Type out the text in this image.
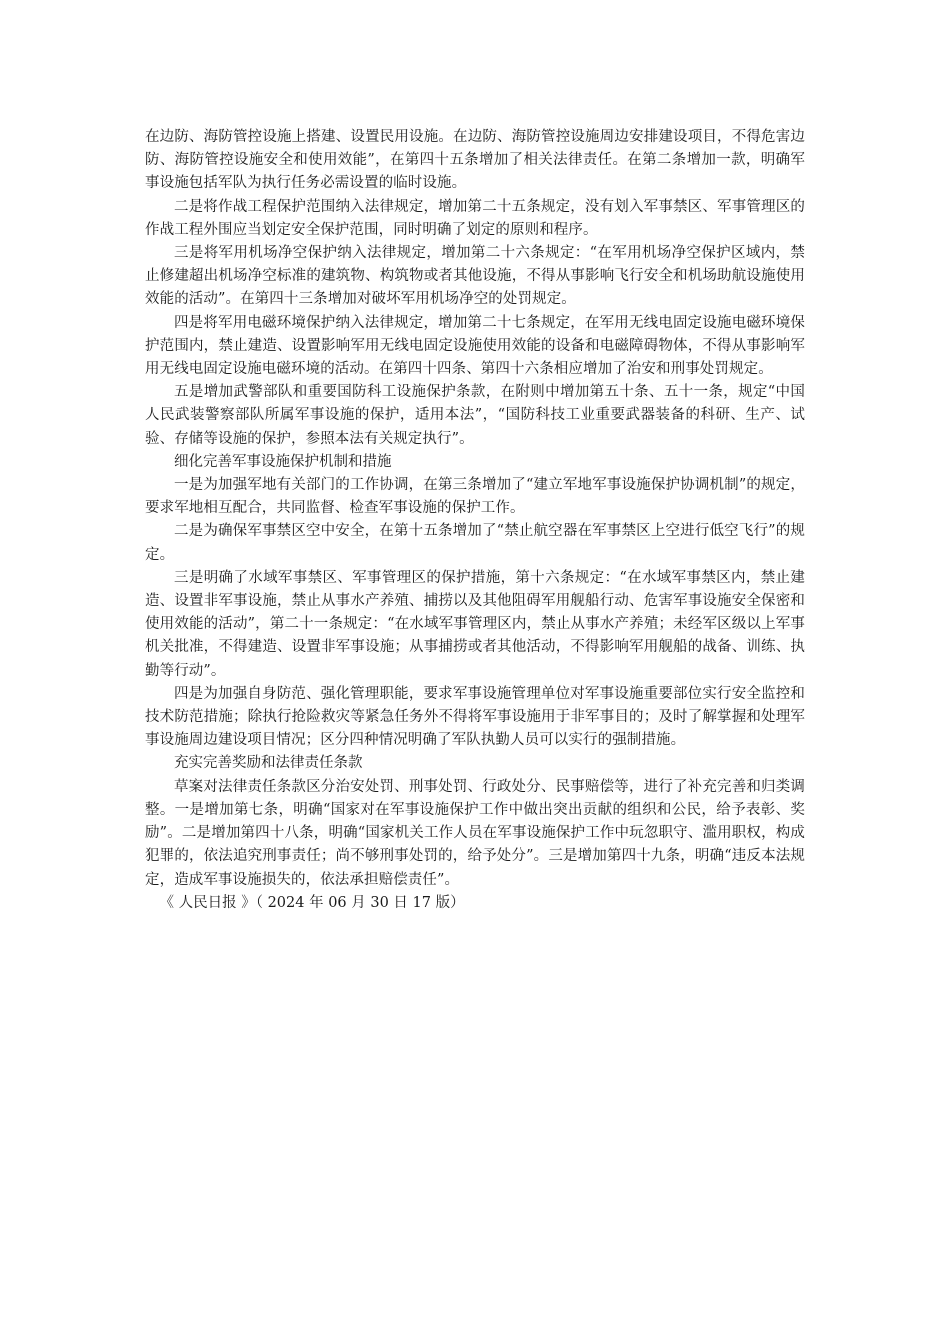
在边防、海防管控设施上搭建、设置民用设施。在边防、海防管控设施周边安排建设项目，不得危害边防、海防管控设施安全和使用效能”，在第四十五条增加了相关法律责任。在第二条增加一款，明确军事设施包括军队为执行任务必需设置的临时设施。

二是将作战工程保护范围纳入法律规定，增加第二十五条规定，没有划入军事禁区、军事管理区的作战工程外围应当划定安全保护范围，同时明确了划定的原则和程序。

三是将军用机场净空保护纳入法律规定，增加第二十六条规定：“在军用机场净空保护区域内，禁止修建超出机场净空标准的建筑物、构筑物或者其他设施，不得从事影响飞行安全和机场助航设施使用效能的活动”。在第四十三条增加对破坏军用机场净空的处罚规定。

四是将军用电磁环境保护纳入法律规定，增加第二十七条规定，在军用无线电固定设施电磁环境保护范围内，禁止建造、设置影响军用无线电固定设施使用效能的设备和电磁障碍物体，不得从事影响军用无线电固定设施电磁环境的活动。在第四十四条、第四十六条相应增加了治安和刑事处罚规定。

五是增加武警部队和重要国防科工设施保护条款，在附则中增加第五十条、五十一条，规定“中国人民武装警察部队所属军事设施的保护，适用本法”，“国防科技工业重要武器装备的科研、生产、试验、存储等设施的保护，参照本法有关规定执行”。

细化完善军事设施保护机制和措施

一是为加强军地有关部门的工作协调，在第三条增加了“建立军地军事设施保护协调机制”的规定，要求军地相互配合，共同监督、检查军事设施的保护工作。

二是为确保军事禁区空中安全，在第十五条增加了“禁止航空器在军事禁区上空进行低空飞行”的规定。

三是明确了水域军事禁区、军事管理区的保护措施，第十六条规定：“在水域军事禁区内，禁止建造、设置非军事设施，禁止从事水产养殖、捕捞以及其他阻碍军用舰船行动、危害军事设施安全保密和使用效能的活动”，第二十一条规定：“在水域军事管理区内，禁止从事水产养殖；未经军区级以上军事机关批准，不得建造、设置非军事设施；从事捕捞或者其他活动，不得影响军用舰船的战备、训练、执勤等行动”。

四是为加强自身防范、强化管理职能，要求军事设施管理单位对军事设施重要部位实行安全监控和技术防范措施；除执行抢险救灾等紧急任务外不得将军事设施用于非军事目的；及时了解掌握和处理军事设施周边建设项目情况；区分四种情况明确了军队执勤人员可以实行的强制措施。

充实完善奖励和法律责任条款

草案对法律责任条款区分治安处罚、刑事处罚、行政处分、民事赔偿等，进行了补充完善和归类调整。一是增加第七条，明确“国家对在军事设施保护工作中做出突出贡献的组织和公民，给予表彰、奖励”。二是增加第四十八条，明确“国家机关工作人员在军事设施保护工作中玩忽职守、滥用职权，构成犯罪的，依法追究刑事责任；尚不够刑事处罚的，给予处分”。三是增加第四十九条，明确“违反本法规定，造成军事设施损失的，依法承担赔偿责任”。

《 人民日报 》（ 2024 年 06 月 30 日 17 版）
